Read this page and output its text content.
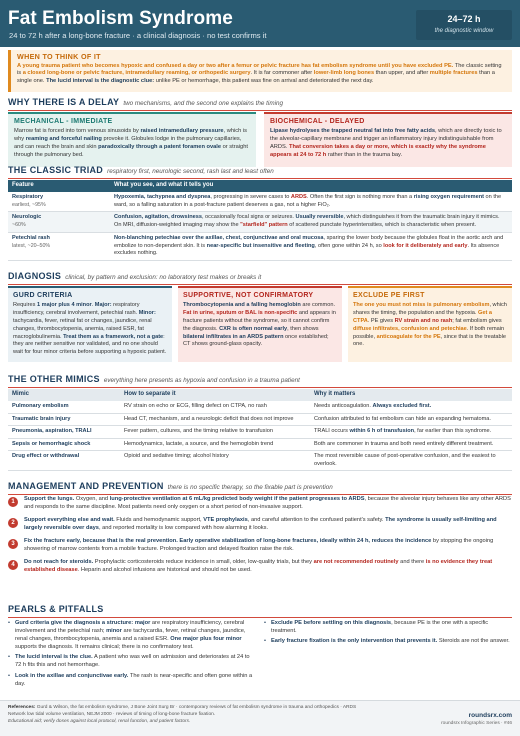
Fat Embolism Syndrome
24 to 72 h after a long-bone fracture · a clinical diagnosis · no test confirms it
24–72 h
the diagnostic window
WHEN TO THINK OF IT

A young trauma patient who becomes hypoxic and confused a day or two after a femur or pelvic fracture has fat embolism syndrome until you have excluded PE. The classic setting is a closed long-bone or pelvic fracture, intramedullary reaming, or orthopedic surgery. It is far commoner after lower-limb long bones than upper, and after multiple fractures than a single one. The lucid interval is the diagnostic clue: unlike PE or hemorrhage, this patient was fine on arrival and deteriorated the next day.

WHY THERE IS A DELAY two mechanisms, and the second one explains the timing
MECHANICAL - IMMEDIATE

Marrow fat is forced into torn venous sinusoids by raised intramedullary pressure, which is why reaming and forceful nailing provoke it. Globules lodge in the pulmonary capillaries, and can reach the brain and skin paradoxically through a patent foramen ovale or straight through the pulmonary bed.

BIOCHEMICAL - DELAYED

Lipase hydrolyses the trapped neutral fat into free fatty acids, which are directly toxic to the alveolar-capillary membrane and trigger an inflammatory injury indistinguishable from ARDS. That conversion takes a day or more, which is exactly why the syndrome appears at 24 to 72 h rather than in the trauma bay.

THE CLASSIC TRIAD respiratory first, neurologic second, rash last and least often
Feature	What you see, and what it tells you

Respiratory
earliest, ~95%	Hypoxemia, tachypnea and dyspnea, progressing in severe cases to ARDS. Often the first sign is nothing more than a rising oxygen requirement on the ward, so a falling saturation in a post-fracture patient deserves a gas, not a higher FiO₂.

Neurologic
~60%	Confusion, agitation, drowsiness, occasionally focal signs or seizures. Usually reversible, which distinguishes it from the traumatic brain injury it mimics. On MRI, diffusion-weighted imaging may show the "starfield" pattern of scattered punctate hyperintensities, which is characteristic when present.

Petechial rash
latest, ~20–50%	Non-blanching petechiae over the axillae, chest, conjunctivae and oral mucosa, sparing the lower body because the globules float in the aortic arch and embolize to non-dependent skin. It is near-specific but insensitive and fleeting, often gone within 24 h, so look for it deliberately and early. Its absence excludes nothing.
DIAGNOSIS clinical, by pattern and exclusion: no laboratory test makes or breaks it
GURD CRITERIA

Requires 1 major plus 4 minor. Major: respiratory insufficiency, cerebral involvement, petechial rash. Minor: tachycardia, fever, retinal fat or changes, jaundice, renal changes, thrombocytopenia, anemia, raised ESR, fat macroglobulinemia. Treat them as a framework, not a gate: they are neither sensitive nor validated, and no one should wait for four minor criteria before supporting a hypoxic patient.

SUPPORTIVE, NOT CONFIRMATORY

Thrombocytopenia and a falling hemoglobin are common. Fat in urine, sputum or BAL is non-specific and appears in fracture patients without the syndrome, so it cannot confirm the diagnosis. CXR is often normal early, then shows bilateral infiltrates in an ARDS pattern once established; CT shows ground-glass opacity.

EXCLUDE PE FIRST

The one you must not miss is pulmonary embolism, which shares the timing, the population and the hypoxia. Get a CTPA. PE gives RV strain and no rash; fat embolism gives diffuse infiltrates, confusion and petechiae. If both remain possible, anticoagulate for the PE, since that is the treatable one.

THE OTHER MIMICS everything here presents as hypoxia and confusion in a trauma patient
Mimic	How to separate it	Why it matters
Pulmonary embolism	RV strain on echo or ECG, filling defect on CTPA, no rash	Needs anticoagulation. Always excluded first.
Traumatic brain injury	Head CT, mechanism, and a neurologic deficit that does not improve	Confusion attributed to fat embolism can hide an expanding hematoma.
Pneumonia, aspiration, TRALI	Fever pattern, cultures, and the timing relative to transfusion	TRALI occurs within 6 h of transfusion, far earlier than this syndrome.
Sepsis or hemorrhagic shock	Hemodynamics, lactate, a source, and the hemoglobin trend	Both are commoner in trauma and both need entirely different treatment.
Drug effect or withdrawal	Opioid and sedative timing; alcohol history	The most reversible cause of post-operative confusion, and the easiest to overlook.
MANAGEMENT AND PREVENTION there is no specific therapy, so the fixable part is prevention
1	Support the lungs. Oxygen, and lung-protective ventilation at 6 mL/kg predicted body weight if the patient progresses to ARDS, because the alveolar injury behaves like any other ARDS and responds to the same discipline. Most patients need only oxygen or a short period of non-invasive support.
2	Support everything else and wait. Fluids and hemodynamic support, VTE prophylaxis, and careful attention to the confused patient's safety. The syndrome is usually self-limiting and largely reversible over days, and reported mortality is low compared with how alarming it looks.
3	Fix the fracture early, because that is the real prevention. Early operative stabilization of long-bone fractures, ideally within 24 h, reduces the incidence by stopping the ongoing showering of marrow contents from a mobile fracture. Prolonged traction and delayed fixation raise the risk.
4	Do not reach for steroids. Prophylactic corticosteroids reduce incidence in small, older, low-quality trials, but they are not recommended routinely and there is no evidence they treat established disease. Heparin and alcohol infusions are historical and should not be used.
PEARLS & PITFALLS
• Gurd criteria give the diagnosis a structure: major are respiratory insufficiency, cerebral involvement and the petechial rash; minor are tachycardia, fever, retinal changes, jaundice, renal changes, thrombocytopenia, anemia and a raised ESR. One major plus four minor supports the diagnosis. It remains clinical; there is no confirmatory test.
• The lucid interval is the clue. A patient who was well on admission and deteriorates at 24 to 72 h fits this and not hemorrhage.
• Look in the axillae and conjunctivae early. The rash is near-specific and often gone within a day.
• Exclude PE before settling on this diagnosis, because PE is the one with a specific treatment.
• Early fracture fixation is the only intervention that prevents it. Steroids are not the answer.
References: Gurd & Wilson, the fat embolism syndrome, J Bone Joint Surg Br · contemporary reviews of fat embolism syndrome in trauma and orthopedics · ARDS
Network low tidal volume ventilation, NEJM 2000 · reviews of timing of long-bone fracture fixation.
Educational aid; verify doses against local protocol, renal function, and patient factors.
roundsrx.com
roundsrx Infographic Series · #46
